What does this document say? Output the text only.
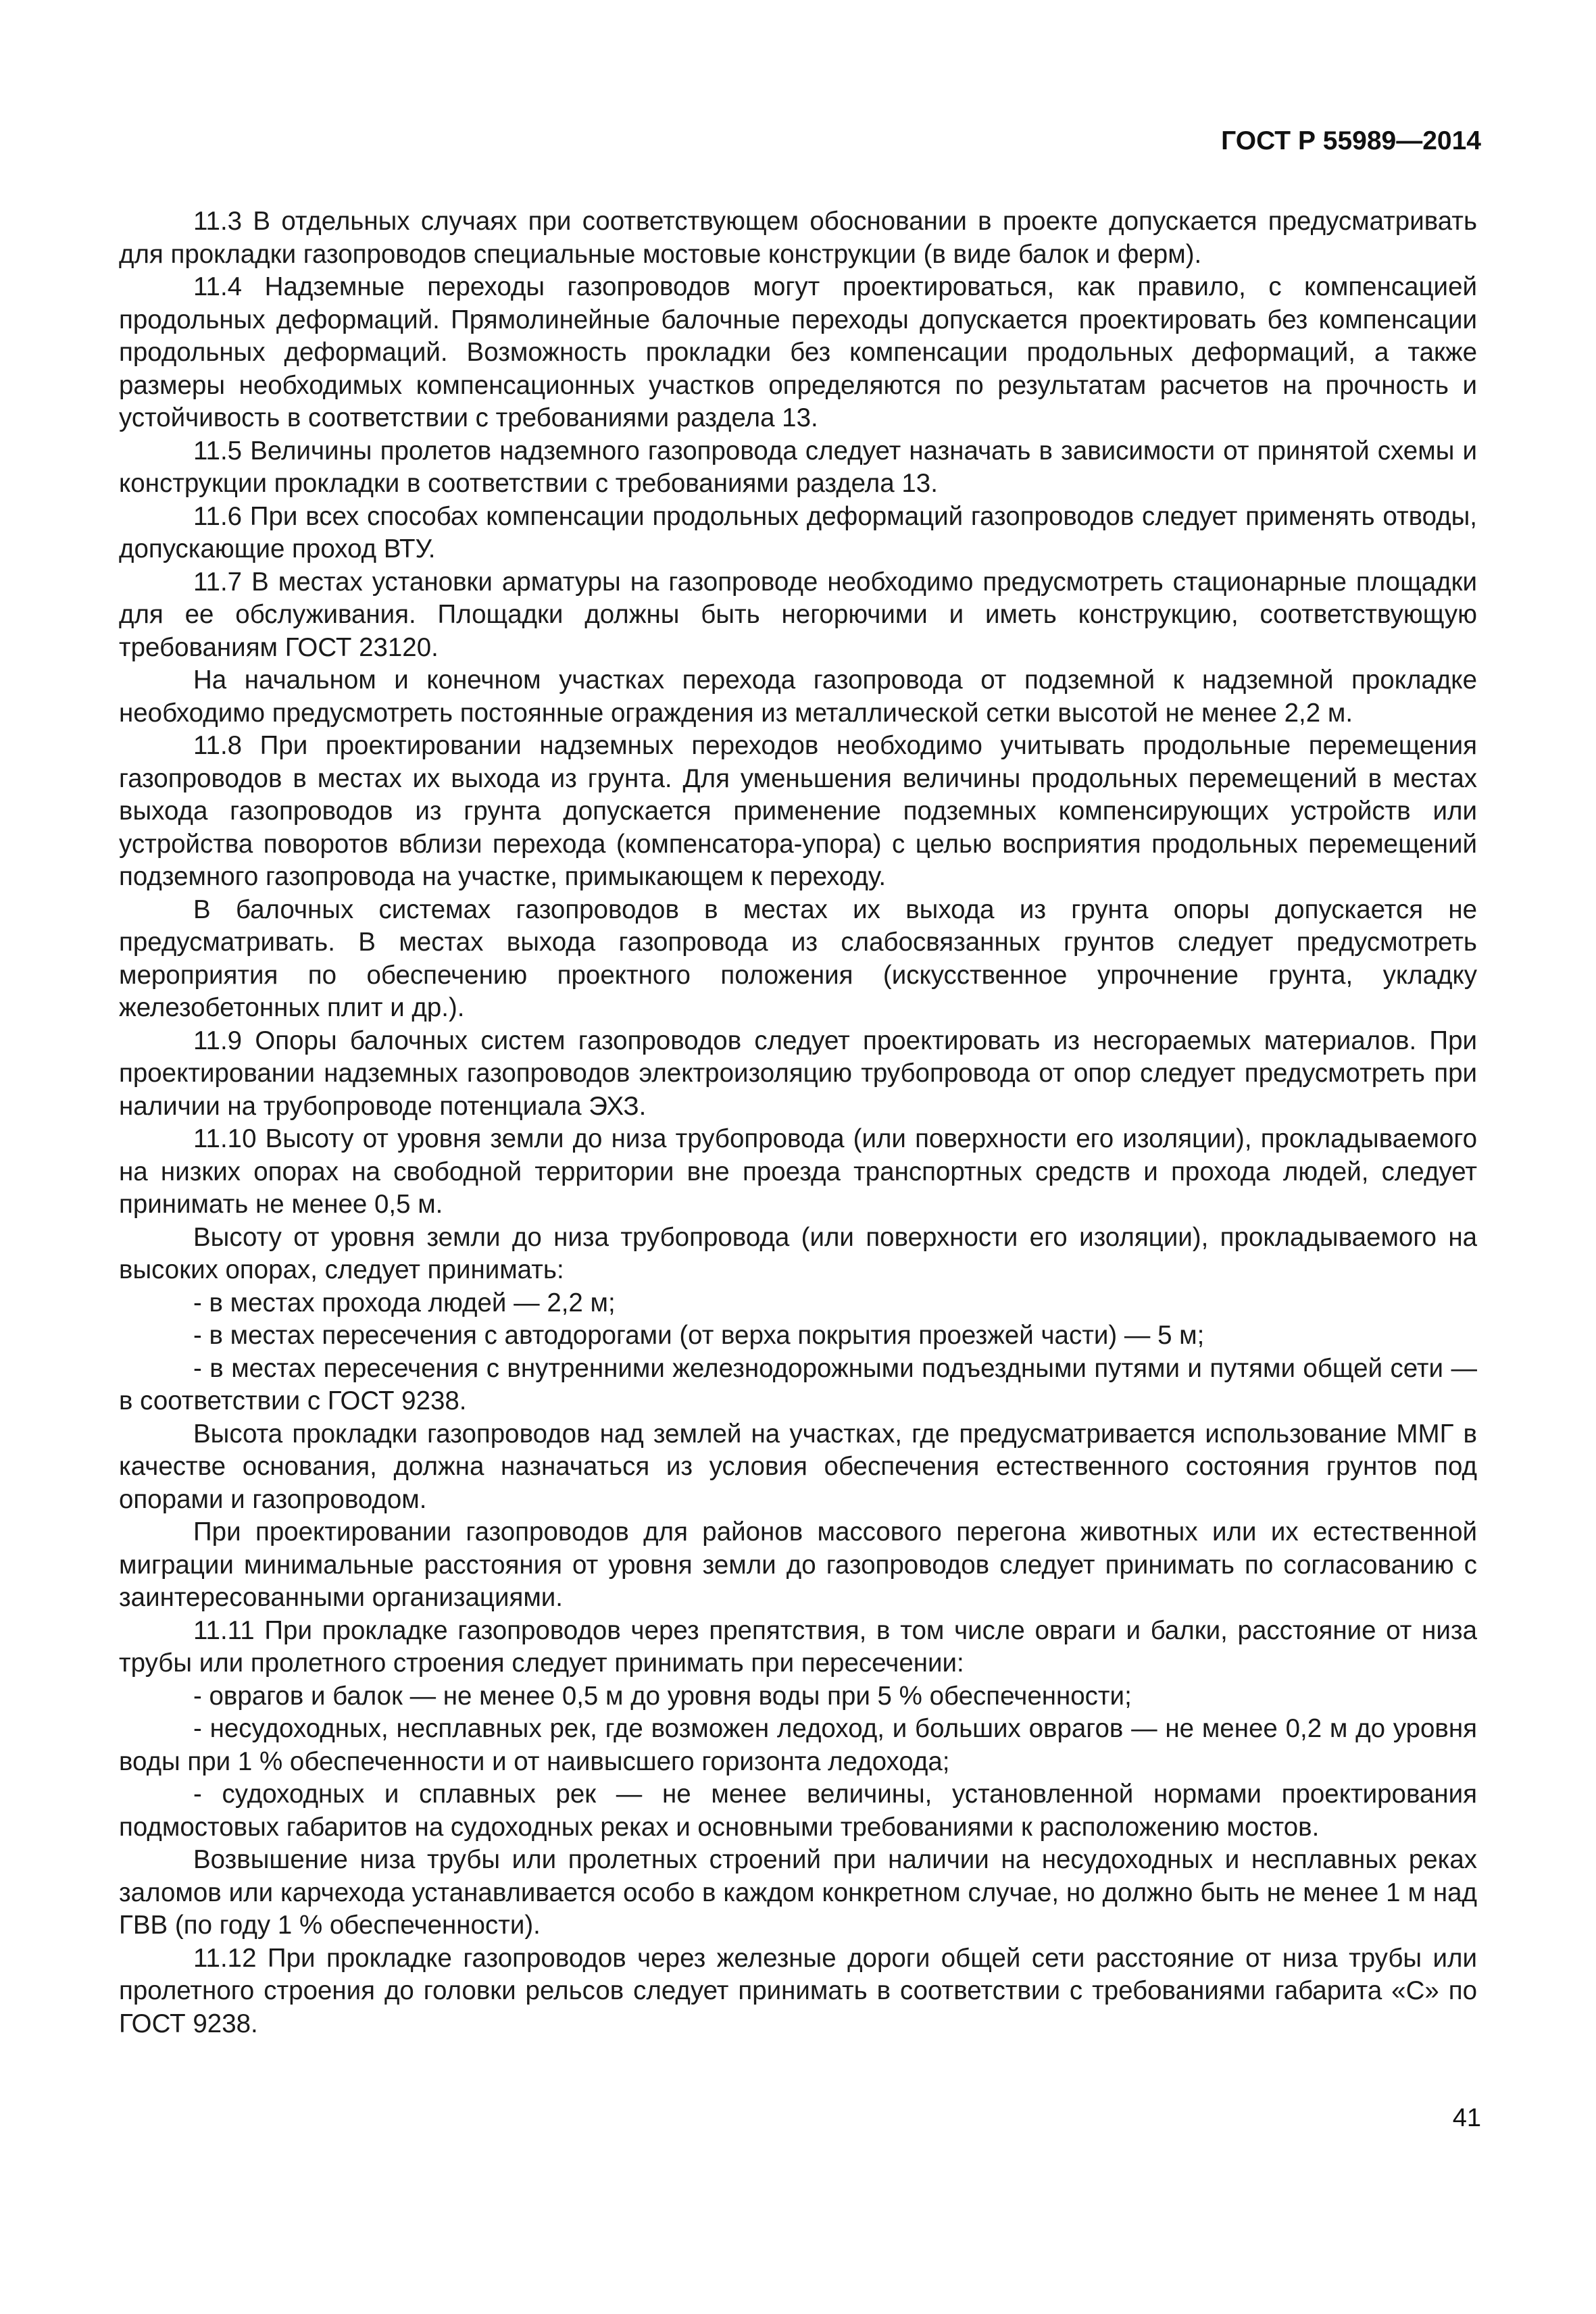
ГОСТ Р 55989—2014

11.3 В отдельных случаях при соответствующем обосновании в проекте допускается предусматривать для прокладки газопроводов специальные мостовые конструкции (в виде балок и ферм).

11.4 Надземные переходы газопроводов могут проектироваться, как правило, с компенсацией продольных деформаций. Прямолинейные балочные переходы допускается проектировать без компенсации продольных деформаций. Возможность прокладки без компенсации продольных деформаций, а также размеры необходимых компенсационных участков определяются по результатам расчетов на прочность и устойчивость в соответствии с требованиями раздела 13.

11.5 Величины пролетов надземного газопровода следует назначать в зависимости от принятой схемы и конструкции прокладки в соответствии с требованиями раздела 13.

11.6 При всех способах компенсации продольных деформаций газопроводов следует применять отводы, допускающие проход ВТУ.

11.7 В местах установки арматуры на газопроводе необходимо предусмотреть стационарные площадки для ее обслуживания. Площадки должны быть негорючими и иметь конструкцию, соответствующую требованиям ГОСТ 23120.

На начальном и конечном участках перехода газопровода от подземной к надземной прокладке необходимо предусмотреть постоянные ограждения из металлической сетки высотой не менее 2,2 м.

11.8 При проектировании надземных переходов необходимо учитывать продольные перемещения газопроводов в местах их выхода из грунта. Для уменьшения величины продольных перемещений в местах выхода газопроводов из грунта допускается применение подземных компенсирующих устройств или устройства поворотов вблизи перехода (компенсатора-упора) с целью восприятия продольных перемещений подземного газопровода на участке, примыкающем к переходу.

В балочных системах газопроводов в местах их выхода из грунта опоры допускается не предусматривать. В местах выхода газопровода из слабосвязанных грунтов следует предусмотреть мероприятия по обеспечению проектного положения (искусственное упрочнение грунта, укладку железобетонных плит и др.).

11.9 Опоры балочных систем газопроводов следует проектировать из несгораемых материалов. При проектировании надземных газопроводов электроизоляцию трубопровода от опор следует предусмотреть при наличии на трубопроводе потенциала ЭХЗ.

11.10 Высоту от уровня земли до низа трубопровода (или поверхности его изоляции), прокладываемого на низких опорах на свободной территории вне проезда транспортных средств и прохода людей, следует принимать не менее 0,5 м.

Высоту от уровня земли до низа трубопровода (или поверхности его изоляции), прокладываемого на высоких опорах, следует принимать:

- в местах прохода людей — 2,2 м;

- в местах пересечения с автодорогами (от верха покрытия проезжей части) — 5 м;

- в местах пересечения с внутренними железнодорожными подъездными путями и путями общей сети — в соответствии с ГОСТ 9238.

Высота прокладки газопроводов над землей на участках, где предусматривается использование ММГ в качестве основания, должна назначаться из условия обеспечения естественного состояния грунтов под опорами и газопроводом.

При проектировании газопроводов для районов массового перегона животных или их естественной миграции минимальные расстояния от уровня земли до газопроводов следует принимать по согласованию с заинтересованными организациями.

11.11 При прокладке газопроводов через препятствия, в том числе овраги и балки, расстояние от низа трубы или пролетного строения следует принимать при пересечении:

- оврагов и балок — не менее 0,5 м до уровня воды при 5 % обеспеченности;

- несудоходных, несплавных рек, где возможен ледоход, и больших оврагов — не менее 0,2 м до уровня воды при 1 % обеспеченности и от наивысшего горизонта ледохода;

- судоходных и сплавных рек — не менее величины, установленной нормами проектирования подмостовых габаритов на судоходных реках и основными требованиями к расположению мостов.

Возвышение низа трубы или пролетных строений при наличии на несудоходных и несплавных реках заломов или карчехода устанавливается особо в каждом конкретном случае, но должно быть не менее 1 м над ГВВ (по году 1 % обеспеченности).

11.12 При прокладке газопроводов через железные дороги общей сети расстояние от низа трубы или пролетного строения до головки рельсов следует принимать в соответствии с требованиями габарита «С» по ГОСТ 9238.

41
